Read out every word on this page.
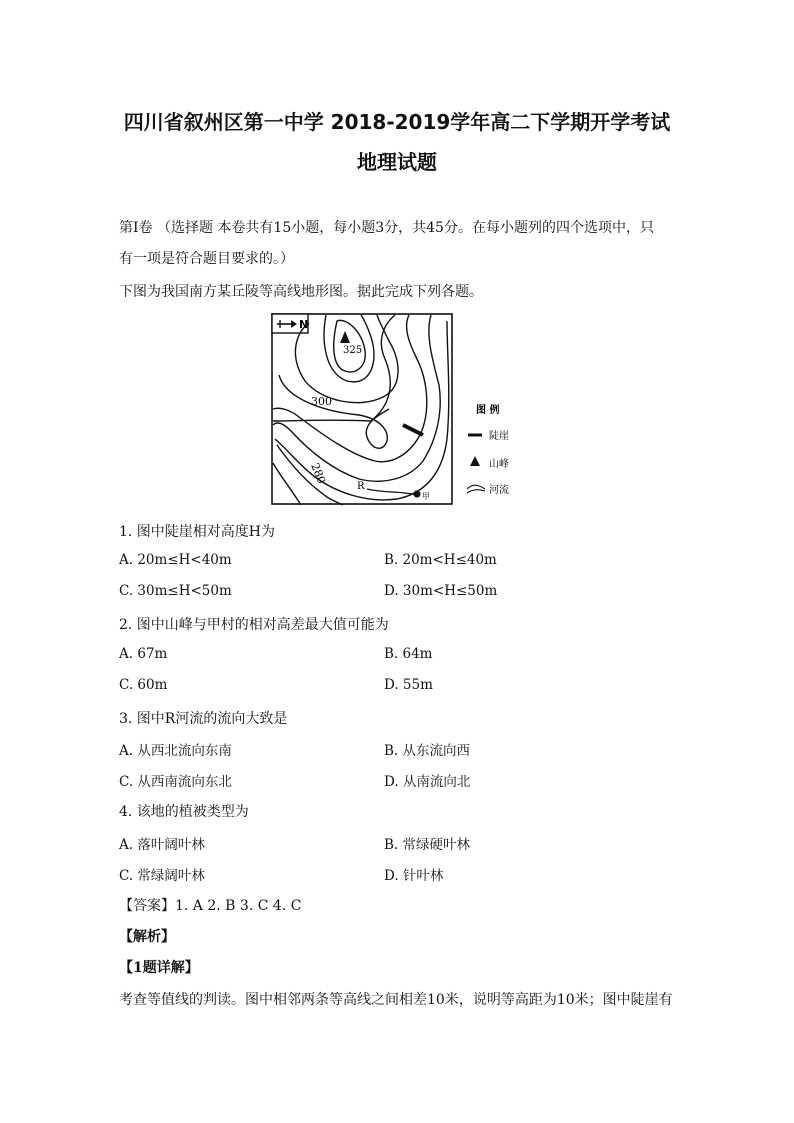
四川省叙州区第一中学 2018-2019学年高二下学期开学考试
地理试题
第Ⅰ卷 （选择题 本卷共有15小题，每小题3分，共45分。在每小题列的四个选项中，只
有一项是符合题目要求的。）
下图为我国南方某丘陵等高线地形图。据此完成下列各题。
N
325
300
280
R
甲
图 例
陡崖
山峰
河流
1. 图中陡崖相对高度H为
A. 20m≤H<40m	B. 20m<H≤40m
C. 30m≤H<50m	D. 30m<H≤50m
2. 图中山峰与甲村的相对高差最大值可能为
A. 67m	B. 64m
C. 60m	D. 55m
3. 图中R河流的流向大致是
A. 从西北流向东南	B. 从东流向西
C. 从西南流向东北	D. 从南流向北
4. 该地的植被类型为
A. 落叶阔叶林	B. 常绿硬叶林
C. 常绿阔叶林	D. 针叶林
【答案】1. A 2. B 3. C 4. C
【解析】
【1题详解】
考查等值线的判读。图中相邻两条等高线之间相差10米，说明等高距为10米；图中陡崖有
